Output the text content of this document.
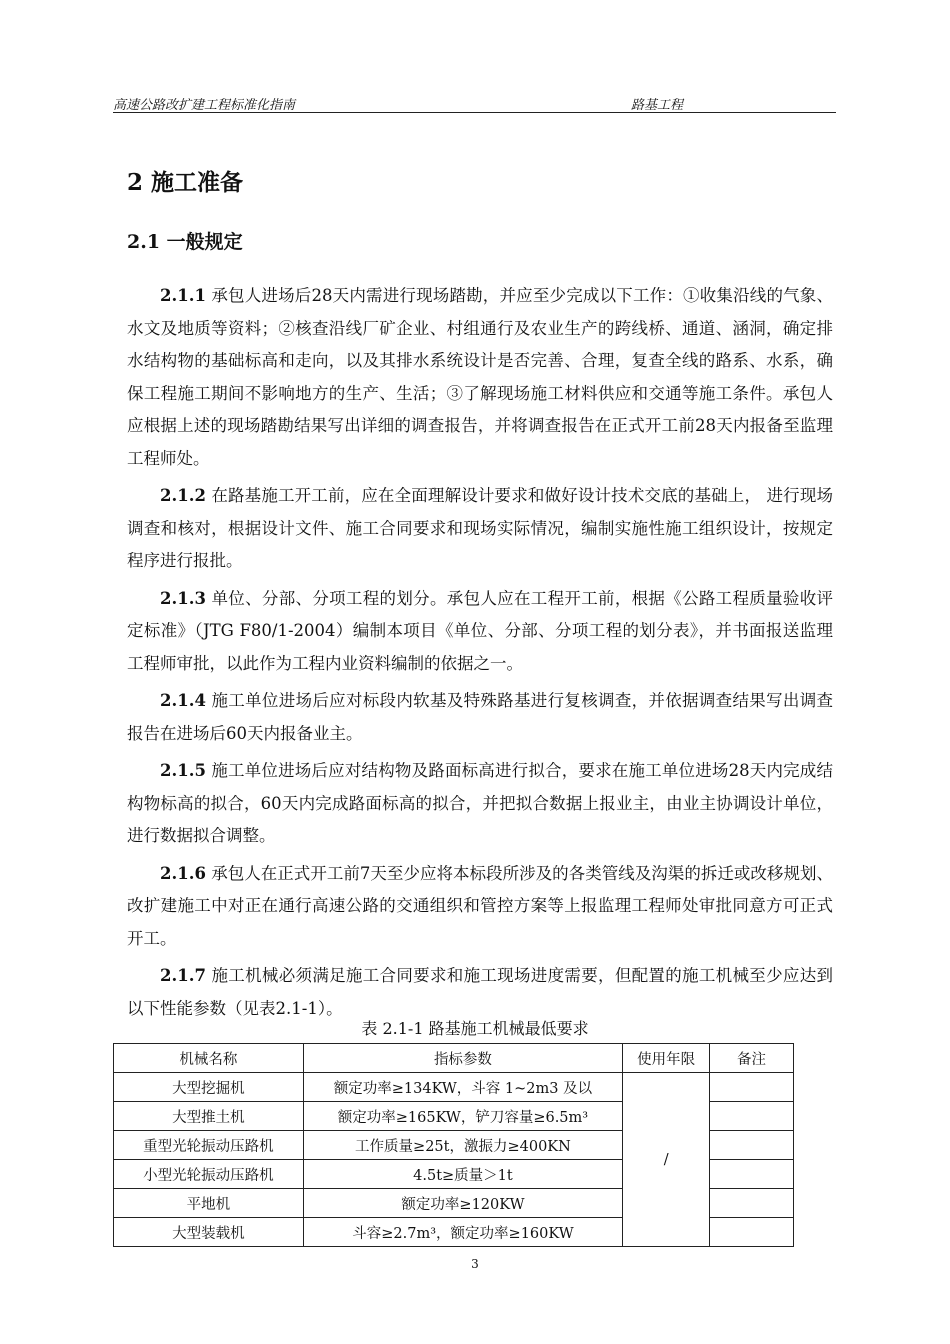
高速公路改扩建工程标准化指南	路基工程
2 施工准备
2.1 一般规定

2.1.1 承包人进场后28天内需进行现场踏勘，并应至少完成以下工作：①收集沿线的气象、水文及地质等资料；②核查沿线厂矿企业、村组通行及农业生产的跨线桥、通道、涵洞，确定排水结构物的基础标高和走向，以及其排水系统设计是否完善、合理，复查全线的路系、水系，确保工程施工期间不影响地方的生产、生活；③了解现场施工材料供应和交通等施工条件。承包人应根据上述的现场踏勘结果写出详细的调查报告，并将调查报告在正式开工前28天内报备至监理工程师处。

2.1.2 在路基施工开工前，应在全面理解设计要求和做好设计技术交底的基础上， 进行现场调查和核对，根据设计文件、施工合同要求和现场实际情况，编制实施性施工组织设计，按规定程序进行报批。

2.1.3 单位、分部、分项工程的划分。承包人应在工程开工前，根据《公路工程质量验收评定标准》（JTG F80/1-2004）编制本项目《单位、分部、分项工程的划分表》，并书面报送监理工程师审批，以此作为工程内业资料编制的依据之一。

2.1.4 施工单位进场后应对标段内软基及特殊路基进行复核调查，并依据调查结果写出调查报告在进场后60天内报备业主。

2.1.5 施工单位进场后应对结构物及路面标高进行拟合，要求在施工单位进场28天内完成结构物标高的拟合，60天内完成路面标高的拟合，并把拟合数据上报业主，由业主协调设计单位，进行数据拟合调整。

2.1.6 承包人在正式开工前7天至少应将本标段所涉及的各类管线及沟渠的拆迁或改移规划、改扩建施工中对正在通行高速公路的交通组织和管控方案等上报监理工程师处审批同意方可正式开工。

2.1.7 施工机械必须满足施工合同要求和施工现场进度需要，但配置的施工机械至少应达到以下性能参数（见表2.1-1）。

表 2.1-1 路基施工机械最低要求
机械名称	指标参数	使用年限	备注
大型挖掘机	额定功率≥134KW，斗容 1~2m3 及以	/	
大型推土机	额定功率≥165KW，铲刀容量≥6.5m³		
重型光轮振动压路机	工作质量≥25t，激振力≥400KN		
小型光轮振动压路机	4.5t≥质量＞1t		
平地机	额定功率≥120KW		
大型装载机	斗容≥2.7m³，额定功率≥160KW		
3
